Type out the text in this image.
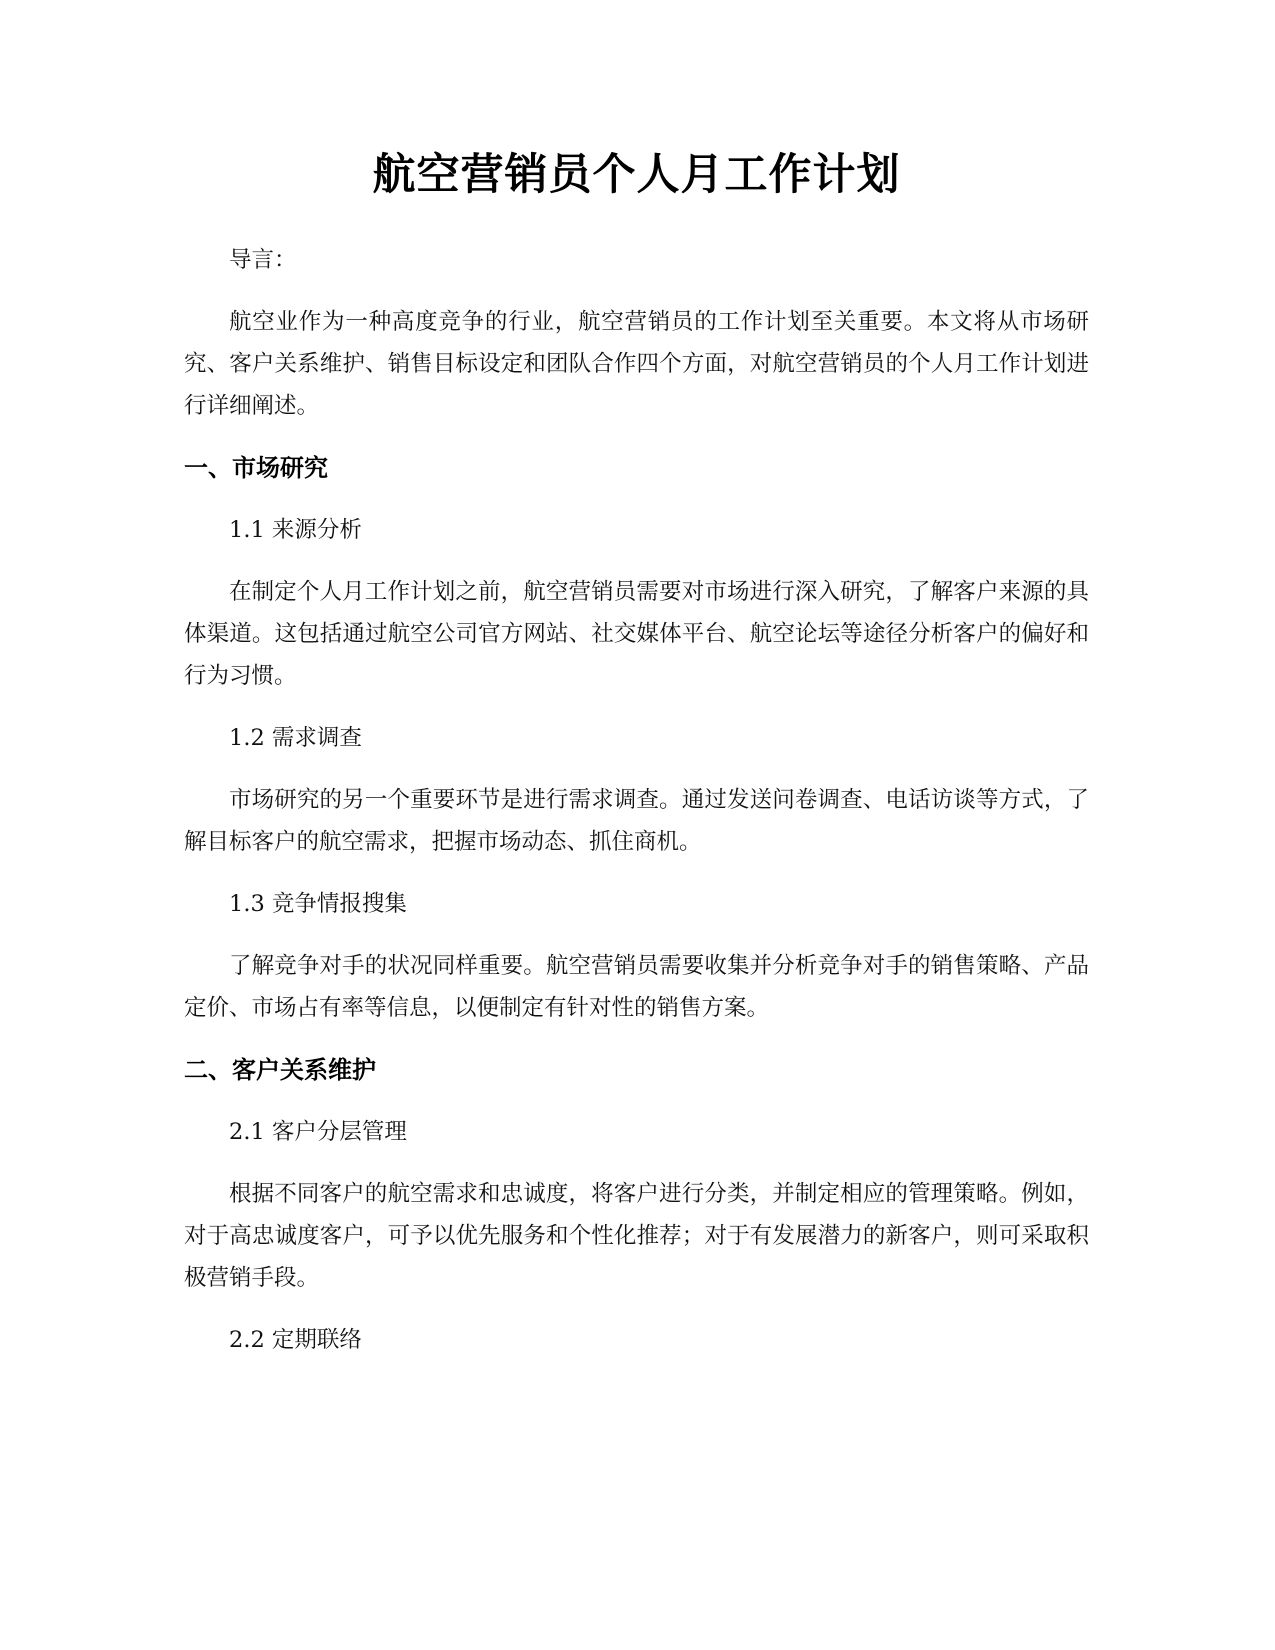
航空营销员个人月工作计划

导言：

航空业作为一种高度竞争的行业，航空营销员的工作计划至关重要。本文将从市场研究、客户关系维护、销售目标设定和团队合作四个方面，对航空营销员的个人月工作计划进行详细阐述。

一、市场研究

1.1 来源分析

在制定个人月工作计划之前，航空营销员需要对市场进行深入研究，了解客户来源的具体渠道。这包括通过航空公司官方网站、社交媒体平台、航空论坛等途径分析客户的偏好和行为习惯。

1.2 需求调查

市场研究的另一个重要环节是进行需求调查。通过发送问卷调查、电话访谈等方式，了解目标客户的航空需求，把握市场动态、抓住商机。

1.3 竞争情报搜集

了解竞争对手的状况同样重要。航空营销员需要收集并分析竞争对手的销售策略、产品定价、市场占有率等信息，以便制定有针对性的销售方案。

二、客户关系维护

2.1 客户分层管理

根据不同客户的航空需求和忠诚度，将客户进行分类，并制定相应的管理策略。例如，对于高忠诚度客户，可予以优先服务和个性化推荐；对于有发展潜力的新客户，则可采取积极营销手段。

2.2 定期联络
